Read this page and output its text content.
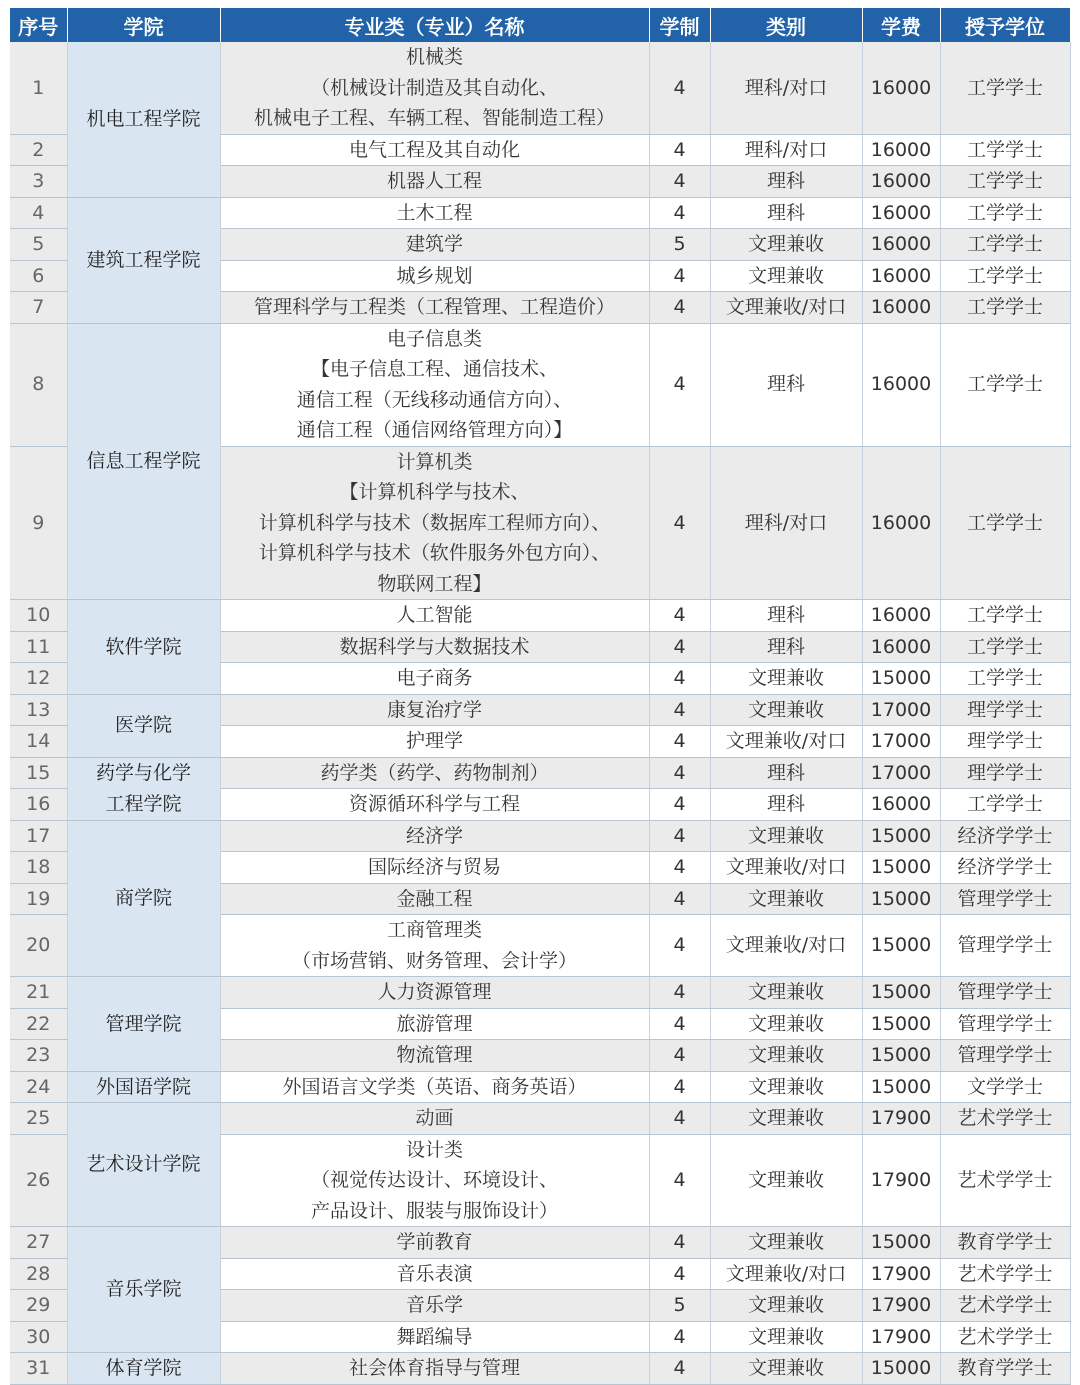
序号	学院	专业类（专业）名称	学制	类别	学费	授予学位
1	机电工程学院	机械类
（机械设计制造及其自动化、
机械电子工程、车辆工程、智能制造工程）	4	理科/对口	16000	工学学士
2		电气工程及其自动化	4	理科/对口	16000	工学学士
3		机器人工程	4	理科	16000	工学学士
4	建筑工程学院	土木工程	4	理科	16000	工学学士
5		建筑学	5	文理兼收	16000	工学学士
6		城乡规划	4	文理兼收	16000	工学学士
7		管理科学与工程类（工程管理、工程造价）	4	文理兼收/对口	16000	工学学士
8	信息工程学院	电子信息类
【电子信息工程、通信技术、
通信工程（无线移动通信方向）、
通信工程（通信网络管理方向）】	4	理科	16000	工学学士
9		计算机类
【计算机科学与技术、
计算机科学与技术（数据库工程师方向）、
计算机科学与技术（软件服务外包方向）、
物联网工程】	4	理科/对口	16000	工学学士
10	软件学院	人工智能	4	理科	16000	工学学士
11		数据科学与大数据技术	4	理科	16000	工学学士
12		电子商务	4	文理兼收	15000	工学学士
13	医学院	康复治疗学	4	文理兼收	17000	理学学士
14		护理学	4	文理兼收/对口	17000	理学学士
15	药学与化学
工程学院	药学类（药学、药物制剂）	4	理科	17000	理学学士
16		资源循环科学与工程	4	理科	16000	工学学士
17	商学院	经济学	4	文理兼收	15000	经济学学士
18		国际经济与贸易	4	文理兼收/对口	15000	经济学学士
19		金融工程	4	文理兼收	15000	管理学学士
20		工商管理类
（市场营销、财务管理、会计学）	4	文理兼收/对口	15000	管理学学士
21	管理学院	人力资源管理	4	文理兼收	15000	管理学学士
22		旅游管理	4	文理兼收	15000	管理学学士
23		物流管理	4	文理兼收	15000	管理学学士
24	外国语学院	外国语言文学类（英语、商务英语）	4	文理兼收	15000	文学学士
25	艺术设计学院	动画	4	文理兼收	17900	艺术学学士
26		设计类
（视觉传达设计、环境设计、
产品设计、服装与服饰设计）	4	文理兼收	17900	艺术学学士
27	音乐学院	学前教育	4	文理兼收	15000	教育学学士
28		音乐表演	4	文理兼收/对口	17900	艺术学学士
29		音乐学	5	文理兼收	17900	艺术学学士
30		舞蹈编导	4	文理兼收	17900	艺术学学士
31	体育学院	社会体育指导与管理	4	文理兼收	15000	教育学学士
